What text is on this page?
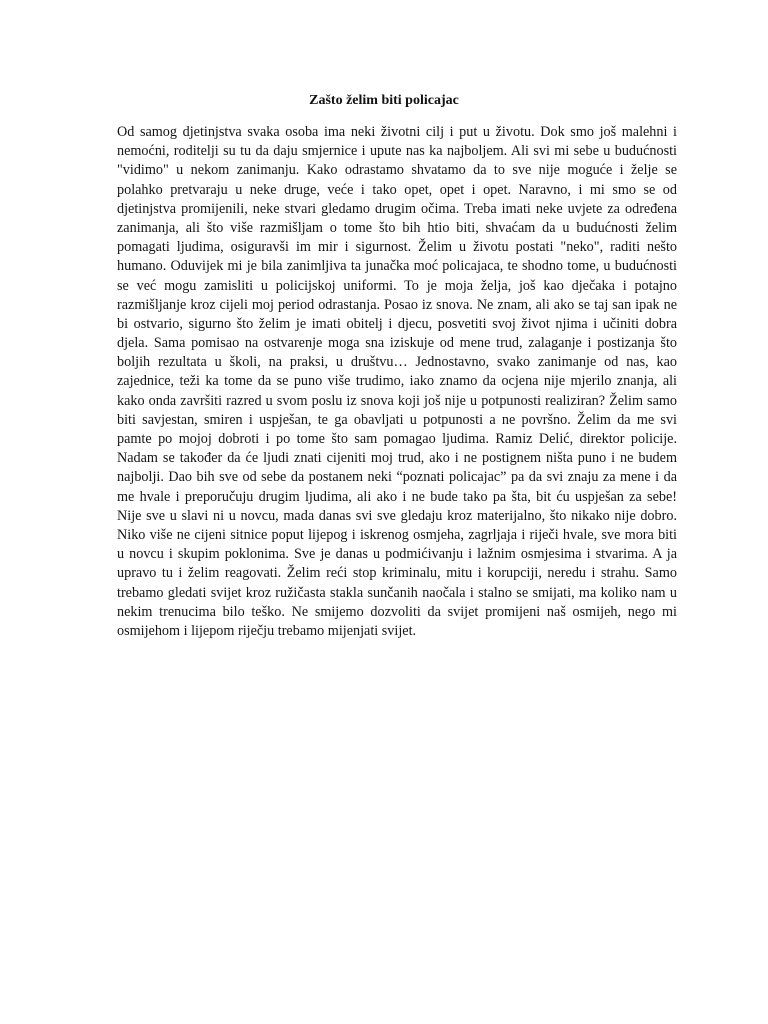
Zašto želim biti policajac
Od samog djetinjstva svaka osoba ima neki životni cilj i put u životu. Dok smo još malehni i
nemoćni, roditelji su tu da daju smjernice i upute nas ka najboljem. Ali svi mi sebe u budućnosti
"vidimo" u nekom zanimanju. Kako odrastamo shvatamo da to sve nije moguće i želje se
polahko pretvaraju u neke druge, veće i tako opet, opet i opet. Naravno, i mi smo se od
djetinjstva promijenili, neke stvari gledamo drugim očima. Treba imati neke uvjete za određena
zanimanja, ali što više razmišljam o tome što bih htio biti, shvaćam da u budućnosti želim
pomagati ljudima, osiguravši im mir i sigurnost. Želim u životu postati "neko", raditi nešto
humano. Oduvijek mi je bila zanimljiva ta junačka moć policajaca, te shodno tome, u budućnosti
se već mogu zamisliti u policijskoj uniformi. To je moja želja, još kao dječaka i potajno
razmišljanje kroz cijeli moj period odrastanja. Posao iz snova. Ne znam, ali ako se taj san ipak ne
bi ostvario, sigurno što želim je imati obitelj i djecu, posvetiti svoj život njima i učiniti dobra
djela. Sama pomisao na ostvarenje moga sna iziskuje od mene trud, zalaganje i postizanja što
boljih rezultata u školi, na praksi, u društvu… Jednostavno, svako zanimanje od nas, kao
zajednice, teži ka tome da se puno više trudimo, iako znamo da ocjena nije mjerilo znanja, ali
kako onda završiti razred u svom poslu iz snova koji još nije u potpunosti realiziran? Želim samo
biti savjestan, smiren i uspješan, te ga obavljati u potpunosti a ne površno. Želim da me svi
pamte po mojoj dobroti i po tome što sam pomagao ljudima. Ramiz Delić, direktor policije.
Nadam se također da će ljudi znati cijeniti moj trud, ako i ne postignem ništa puno i ne budem
najbolji. Dao bih sve od sebe da postanem neki “poznati policajac” pa da svi znaju za mene i da
me hvale i preporučuju drugim ljudima, ali ako i ne bude tako pa šta, bit ću uspješan za sebe!
Nije sve u slavi ni u novcu, mada danas svi sve gledaju kroz materijalno, što nikako nije dobro.
Niko više ne cijeni sitnice poput lijepog i iskrenog osmjeha, zagrljaja i riječi hvale, sve mora biti
u novcu i skupim poklonima. Sve je danas u podmićivanju i lažnim osmjesima i stvarima. A ja
upravo tu i želim reagovati. Želim reći stop kriminalu, mitu i korupciji, neredu i strahu. Samo
trebamo gledati svijet kroz ružičasta stakla sunčanih naočala i stalno se smijati, ma koliko nam u
nekim trenucima bilo teško. Ne smijemo dozvoliti da svijet promijeni naš osmijeh, nego mi
osmijehom i lijepom riječju trebamo mijenjati svijet.
